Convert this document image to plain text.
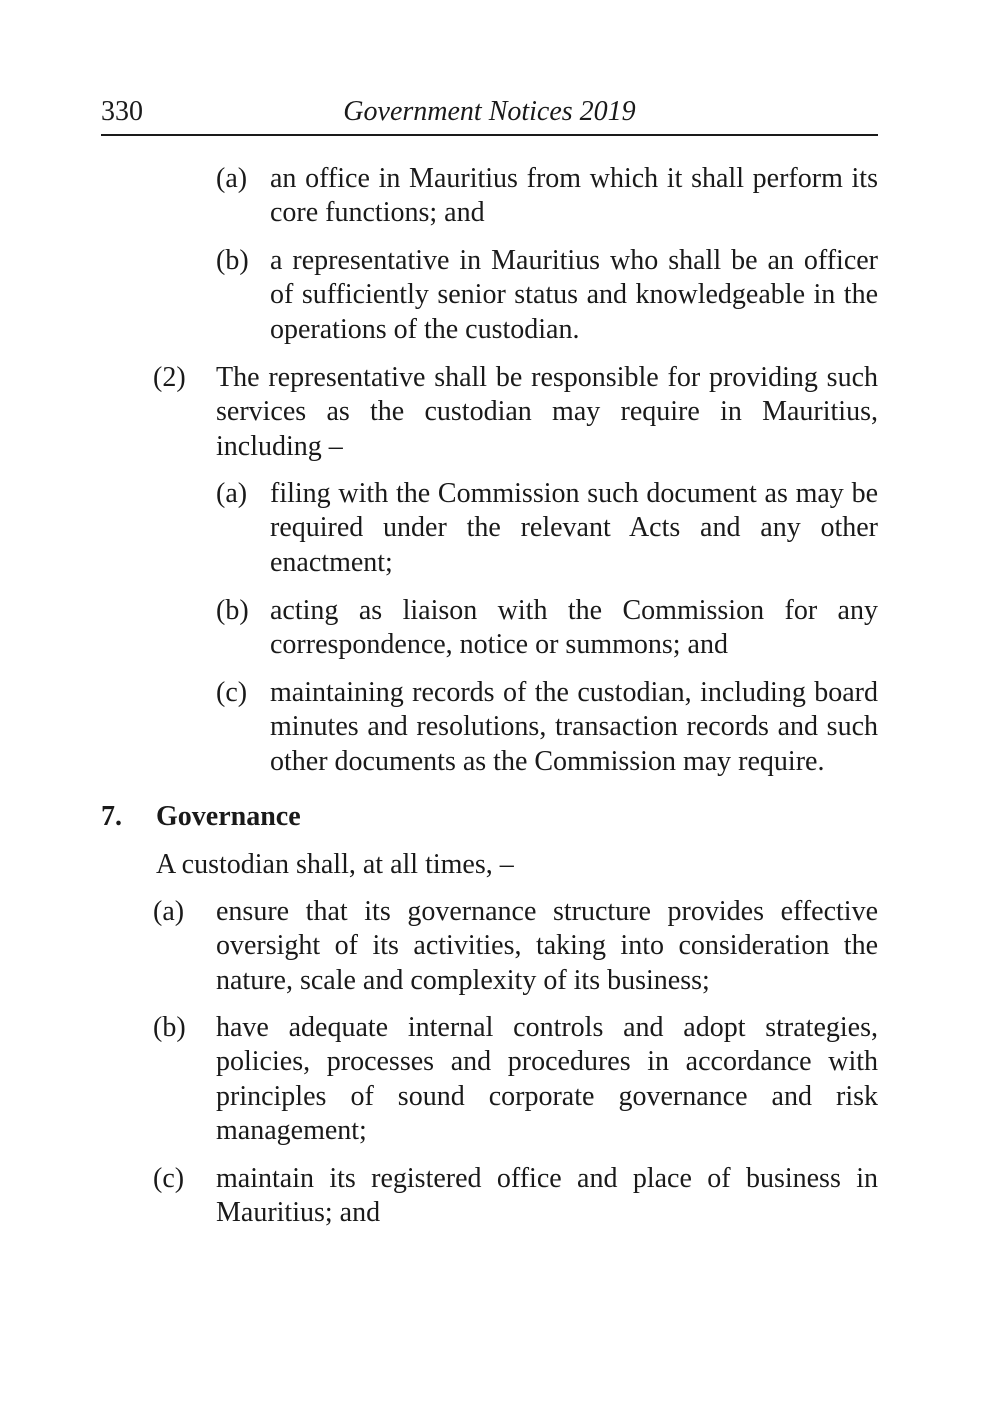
330	Government Notices 2019
(a) an office in Mauritius from which it shall perform its core functions; and
(b) a representative in Mauritius who shall be an officer of sufficiently senior status and knowledgeable in the operations of the custodian.
(2) The representative shall be responsible for providing such services as the custodian may require in Mauritius, including –
(a) filing with the Commission such document as may be required under the relevant Acts and any other enactment;
(b) acting as liaison with the Commission for any correspondence, notice or summons; and
(c) maintaining records of the custodian, including board minutes and resolutions, transaction records and such other documents as the Commission may require.
7. Governance
A custodian shall, at all times, –
(a) ensure that its governance structure provides effective oversight of its activities, taking into consideration the nature, scale and complexity of its business;
(b) have adequate internal controls and adopt strategies, policies, processes and procedures in accordance with principles of sound corporate governance and risk management;
(c) maintain its registered office and place of business in Mauritius; and
